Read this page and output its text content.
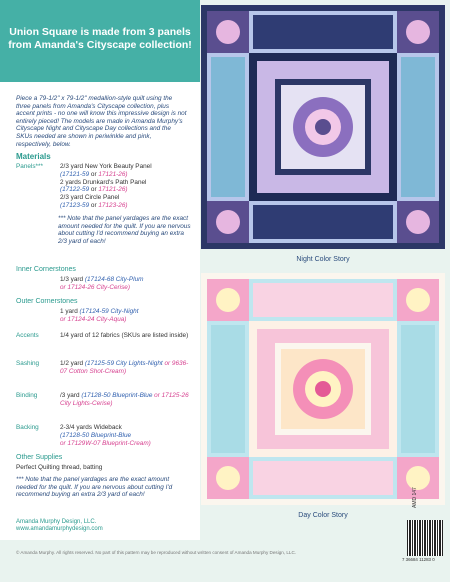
Union Square is made from 3 panels from Amanda's Cityscape collection!
Piece a 79-1/2" x 79-1/2" medallion-style quilt using the three panels from Amanda's Cityscape collection, plus accent prints - no one will know this impressive design is not entirely pieced! The models are made in Amanda Murphy's Cityscape Night and Cityscape Day collections and the SKUs needed are shown in periwinkle and pink, respectively, below.
Materials
Panels***	2/3 yard New York Beauty Panel
(17121-59 or 17121-26)
2 yards Drunkard's Path Panel
(17122-59 or 17121-26)
2/3 yard Circle Panel
(17123-59 or 17123-26)
*** Note that the panel yardages are the exact amount needed for the quilt. If you are nervous about cutting I'd recommend buying an extra 2/3 yard of each!
Inner Cornerstones
1/3 yard (17124-68 City-Plum
or 17124-26 City-Cerise)
Outer Cornerstones
1 yard (17124-59 City-Night
or 17124-24 City-Aqua)
Accents	1/4 yard of 12 fabrics (SKUs are listed inside)
Sashing	1/2 yard (17125-59 City Lights-Night or 9636-07 Cotton Shot-Cream)
Binding	/3 yard (17128-50 Blueprint-Blue or 17125-26 City Lights-Cerise)
Backing	2-3/4 yards Wideback
(17128-50 Blueprint-Blue
or 17129W-07 Blueprint-Cream)
Other Supplies
Perfect Quilting thread, batting
*** Note that the panel yardages are the exact amount needed for the quilt. If you are nervous about cutting I'd recommend buying an extra 2/3 yard of each!
Amanda Murphy Design, LLC.
www.amandamurphydesign.com
© Amanda Murphy. All rights reserved. No part of this pattern may be reproduced without written consent of Amanda Murphy Design, LLC.
Night Color Story
Day Color Story
AMD 147
7 36684 11283 0
